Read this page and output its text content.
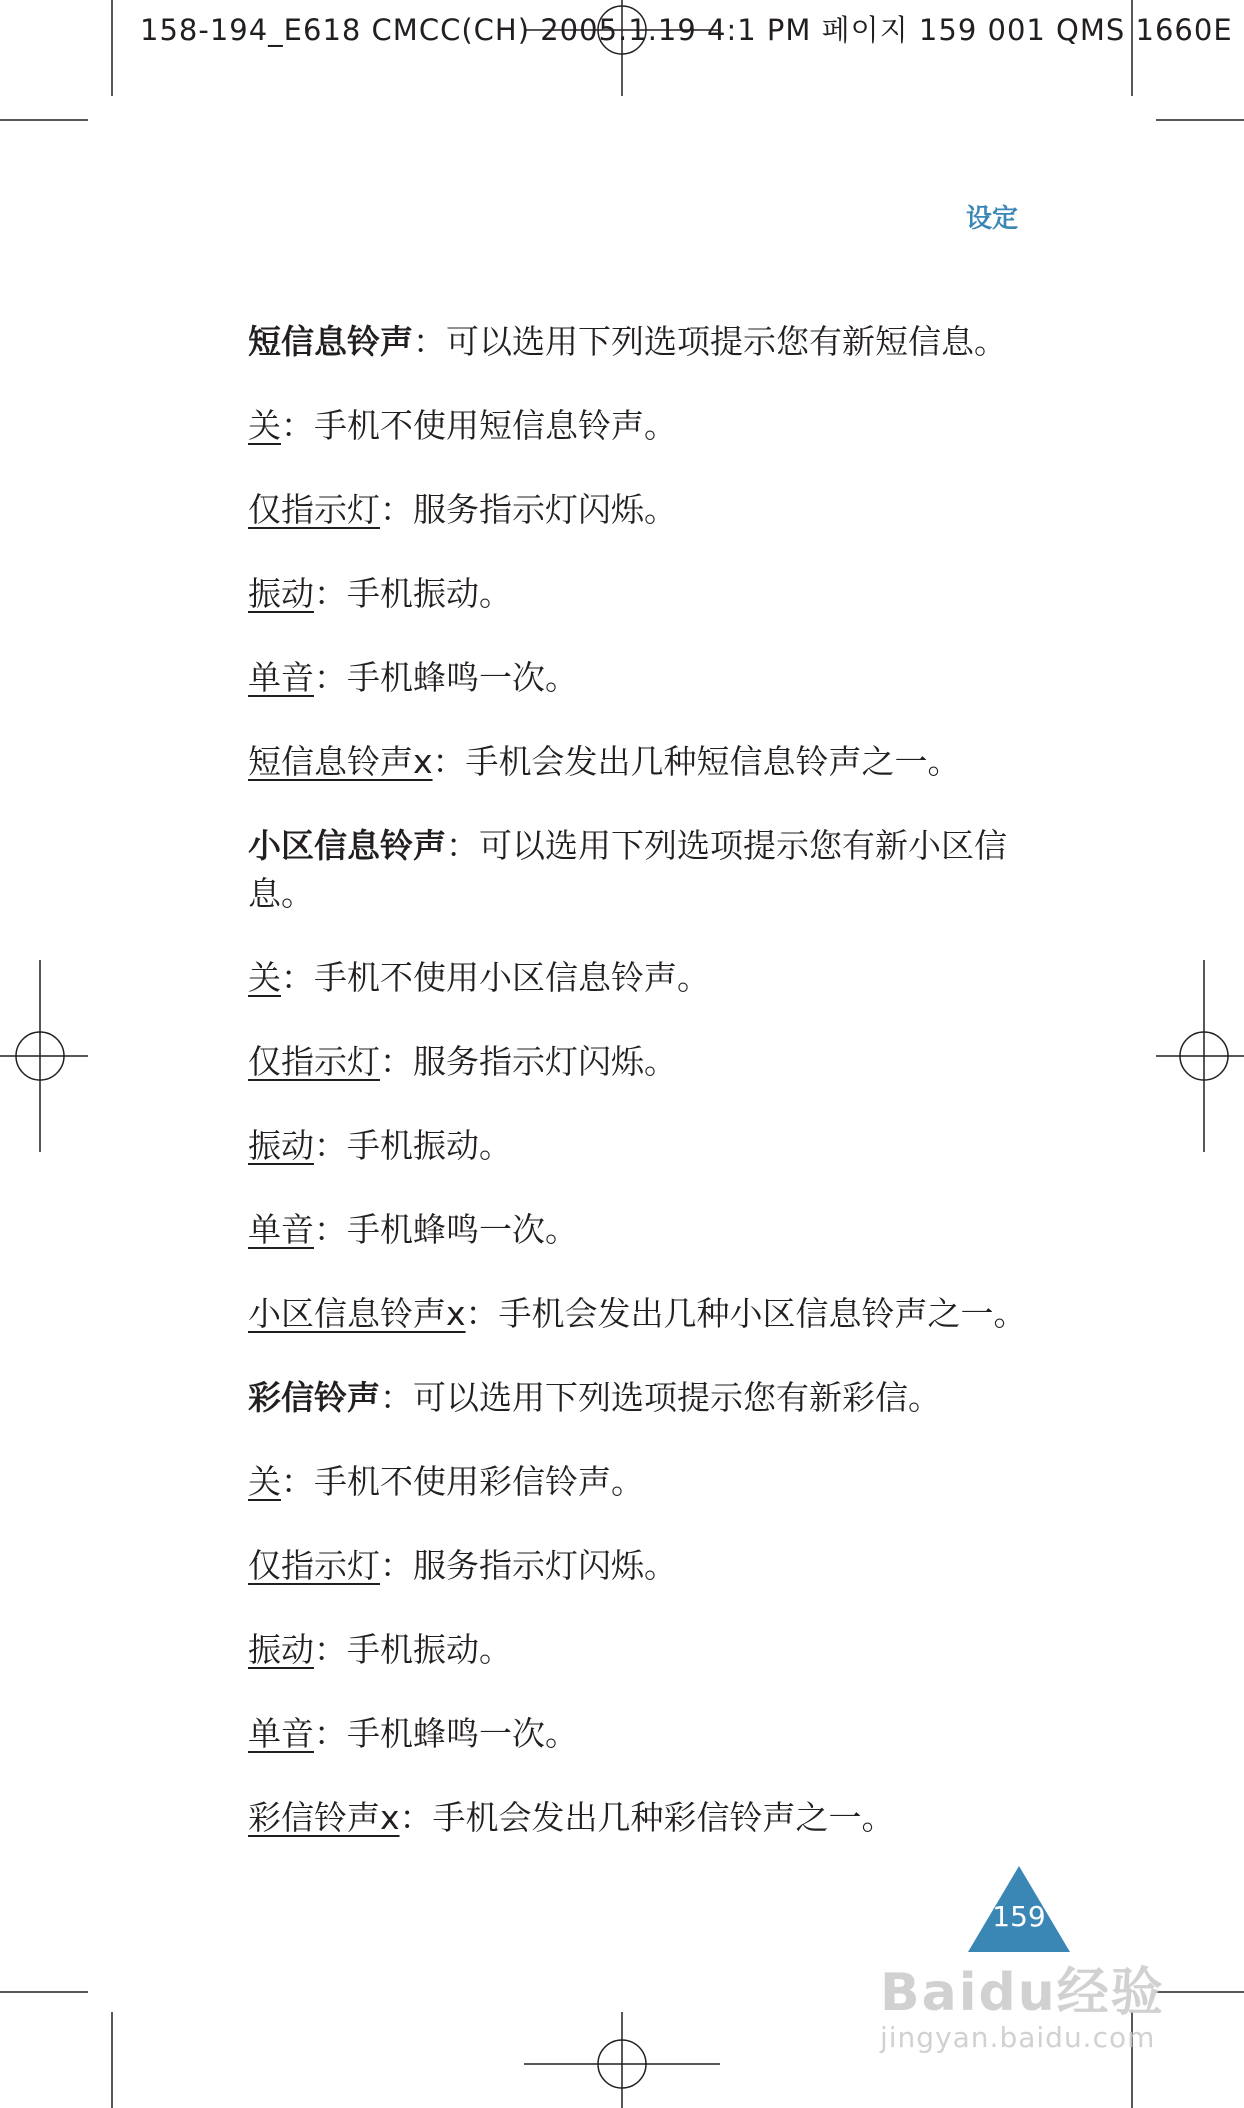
158-194_E618 CMCC(CH) 2005.1.19 4:1 PM 페이지 159 001 QMS 1660E
设定

短信息铃声：可以选用下列选项提示您有新短信息。

关：手机不使用短信息铃声。

仅指示灯：服务指示灯闪烁。

振动：手机振动。

单音：手机蜂鸣一次。

短信息铃声x：手机会发出几种短信息铃声之一。

小区信息铃声：可以选用下列选项提示您有新小区信息。

关：手机不使用小区信息铃声。

仅指示灯：服务指示灯闪烁。

振动：手机振动。

单音：手机蜂鸣一次。

小区信息铃声x：手机会发出几种小区信息铃声之一。

彩信铃声：可以选用下列选项提示您有新彩信。

关：手机不使用彩信铃声。

仅指示灯：服务指示灯闪烁。

振动：手机振动。

单音：手机蜂鸣一次。

彩信铃声x：手机会发出几种彩信铃声之一。

159
Baidu经验
jingyan.baidu.com
